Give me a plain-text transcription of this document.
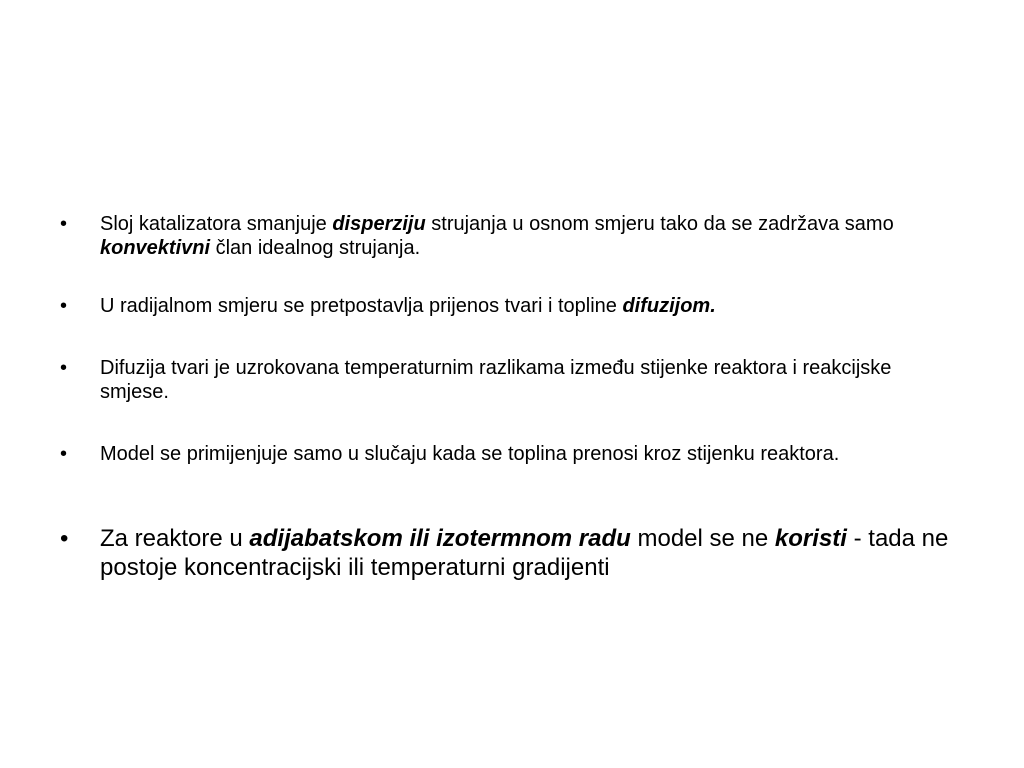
•	Sloj katalizatora smanjuje disperziju strujanja u osnom smjeru tako da se zadržava samo konvektivni član idealnog strujanja.
•	U radijalnom smjeru se pretpostavlja prijenos tvari i topline difuzijom.
•	Difuzija tvari je uzrokovana temperaturnim razlikama između stijenke reaktora i reakcijske smjese.
•	Model se primijenjuje samo u slučaju kada se toplina prenosi kroz stijenku reaktora.
•	Za reaktore u adijabatskom ili izotermnom radu model se ne koristi - tada ne postoje koncentracijski ili temperaturni gradijenti
